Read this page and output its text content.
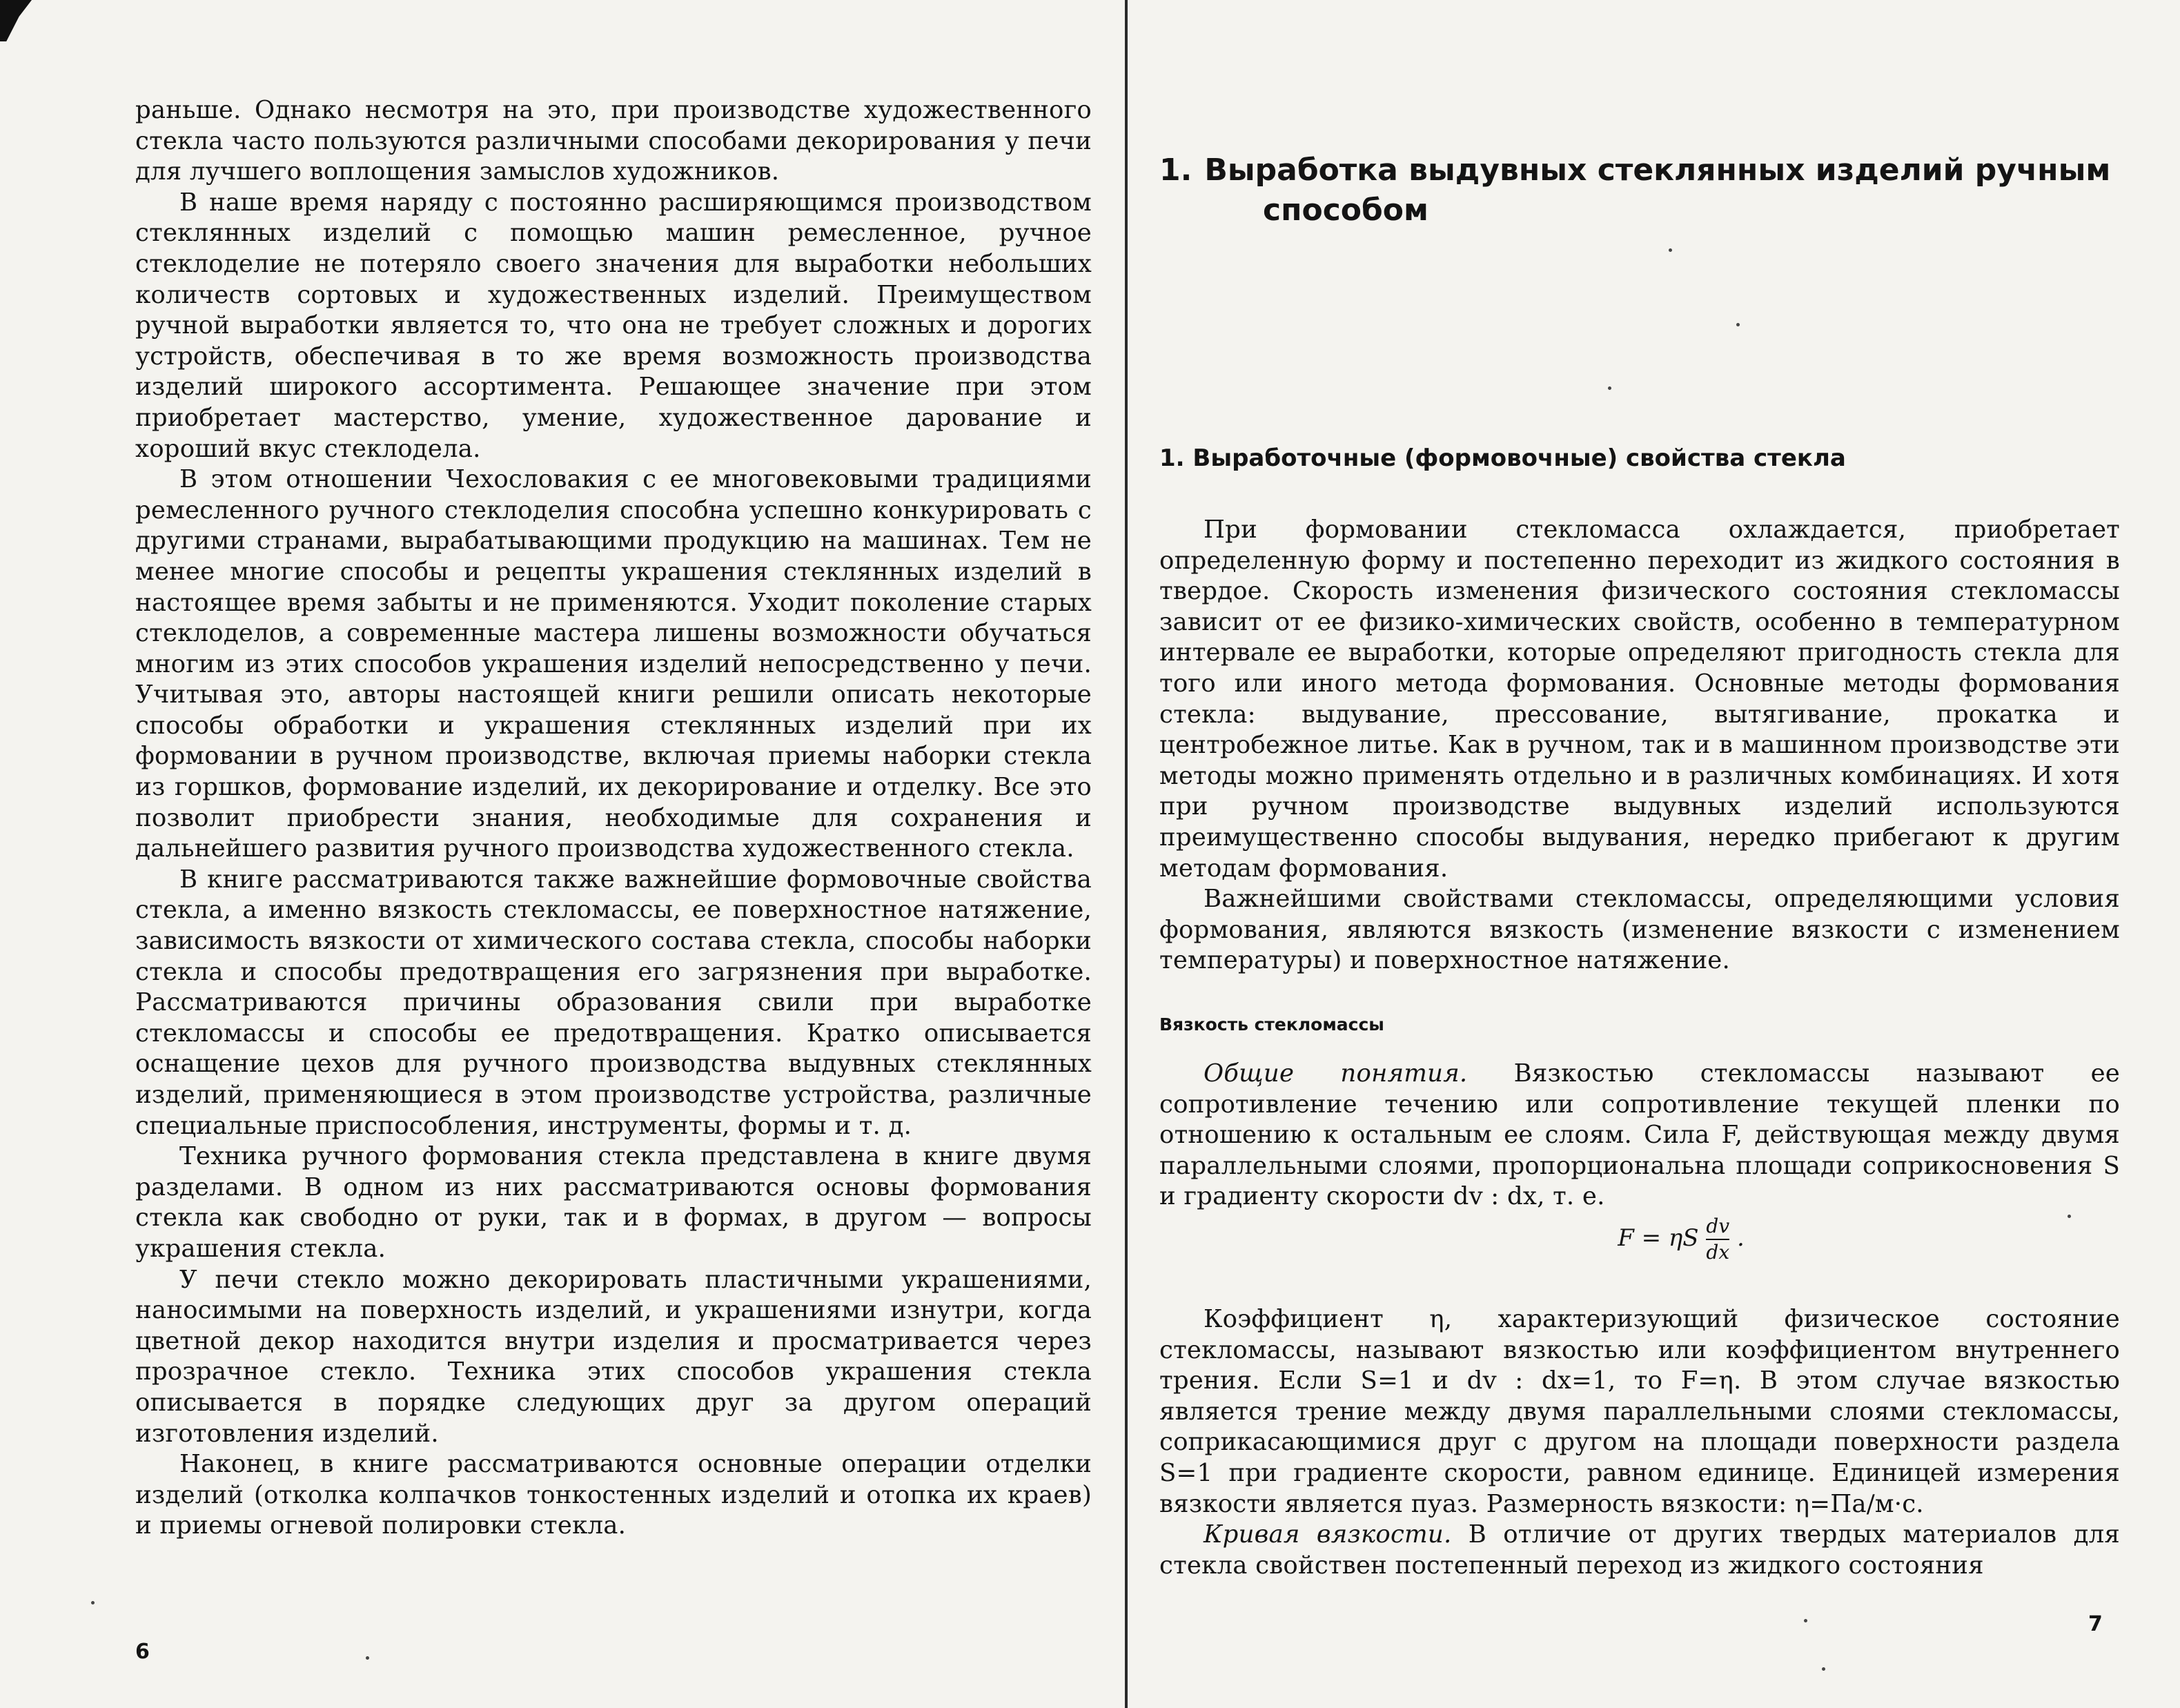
раньше. Однако несмотря на это, при производстве художественного стекла часто пользуются различными способами декорирования у печи для лучшего воплощения замыслов художников.

В наше время наряду с постоянно расширяющимся производством стеклянных изделий с помощью машин ремесленное, ручное стеклоделие не потеряло своего значения для выработки небольших количеств сортовых и художественных изделий. Преимуществом ручной выработки является то, что она не требует сложных и дорогих устройств, обеспечивая в то же время возможность производства изделий широкого ассортимента. Решающее значение при этом приобретает мастерство, умение, художественное дарование и хороший вкус стеклодела.

В этом отношении Чехословакия с ее многовековыми традициями ремесленного ручного стеклоделия способна успешно конкурировать с другими странами, вырабатывающими продукцию на машинах. Тем не менее многие способы и рецепты украшения стеклянных изделий в настоящее время забыты и не применяются. Уходит поколение старых стеклоделов, а современные мастера лишены возможности обучаться многим из этих способов украшения изделий непосредственно у печи. Учитывая это, авторы настоящей книги решили описать некоторые способы обработки и украшения стеклянных изделий при их формовании в ручном производстве, включая приемы наборки стекла из горшков, формование изделий, их декорирование и отделку. Все это позволит приобрести знания, необходимые для сохранения и дальнейшего развития ручного производства художественного стекла.

В книге рассматриваются также важнейшие формовочные свойства стекла, а именно вязкость стекломассы, ее поверхностное натяжение, зависимость вязкости от химического состава стекла, способы наборки стекла и способы предотвращения его загрязнения при выработке. Рассматриваются причины образования свили при выработке стекломассы и способы ее предотвращения. Кратко описывается оснащение цехов для ручного производства выдувных стеклянных изделий, применяющиеся в этом производстве устройства, различные специальные приспособления, инструменты, формы и т. д.

Техника ручного формования стекла представлена в книге двумя разделами. В одном из них рассматриваются основы формования стекла как свободно от руки, так и в формах, в другом — вопросы украшения стекла.

У печи стекло можно декорировать пластичными украшениями, наносимыми на поверхность изделий, и украшениями изнутри, когда цветной декор находится внутри изделия и просматривается через прозрачное стекло. Техника этих способов украшения стекла описывается в порядке следующих друг за другом операций изготовления изделий.

Наконец, в книге рассматриваются основные операции отделки изделий (отколка колпачков тонкостенных изделий и отопка их краев) и приемы огневой полировки стекла.

6
1. Выработка выдувных стеклянных изделий ручным
способом
1. Выработочные (формовочные) свойства стекла

При формовании стекломасса охлаждается, приобретает определенную форму и постепенно переходит из жидкого состояния в твердое. Скорость изменения физического состояния стекломассы зависит от ее физико-химических свойств, особенно в температурном интервале ее выработки, которые определяют пригодность стекла для того или иного метода формования. Основные методы формования стекла: выдувание, прессование, вытягивание, прокатка и центробежное литье. Как в ручном, так и в машинном производстве эти методы можно применять отдельно и в различных комбинациях. И хотя при ручном производстве выдувных изделий используются преимущественно способы выдувания, нередко прибегают к другим методам формования.

Важнейшими свойствами стекломассы, определяющими условия формования, являются вязкость (изменение вязкости с изменением температуры) и поверхностное натяжение.

Вязкость стекломассы

Общие понятия. Вязкостью стекломассы называют ее сопротивление течению или сопротивление текущей пленки по отношению к остальным ее слоям. Сила F, действующая между двумя параллельными слоями, пропорциональна площади соприкосновения S и градиенту скорости dv : dx, т. е.

F = ηS $\frac{dv}{dx}$ .

Коэффициент η, характеризующий физическое состояние стекломассы, называют вязкостью или коэффициентом внутреннего трения. Если S=1 и dv : dx=1, то F=η. В этом случае вязкостью является трение между двумя параллельными слоями стекломассы, соприкасающимися друг с другом на площади поверхности раздела S=1 при градиенте скорости, равном единице. Единицей измерения вязкости является пуаз. Размерность вязкости: η=Па/м·с.

Кривая вязкости. В отличие от других твердых материалов для стекла свойствен постепенный переход из жидкого состояния

7
